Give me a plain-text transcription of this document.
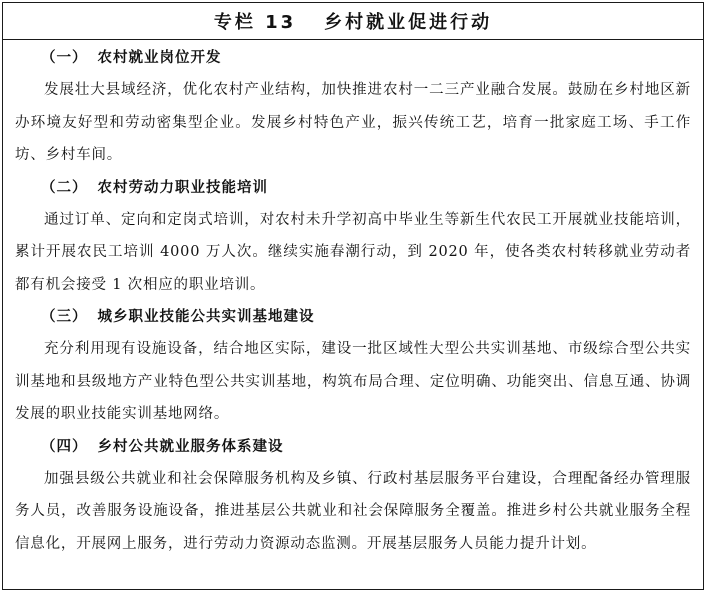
专栏 13 乡村就业促进行动
（一） 农村就业岗位开发

发展壮大县域经济，优化农村产业结构，加快推进农村一二三产业融合发展。鼓励在乡村地区新办环境友好型和劳动密集型企业。发展乡村特色产业，振兴传统工艺，培育一批家庭工场、手工作坊、乡村车间。

（二） 农村劳动力职业技能培训

通过订单、定向和定岗式培训，对农村未升学初高中毕业生等新生代农民工开展就业技能培训，累计开展农民工培训 4000 万人次。继续实施春潮行动，到 2020 年，使各类农村转移就业劳动者都有机会接受 1 次相应的职业培训。

（三） 城乡职业技能公共实训基地建设

充分利用现有设施设备，结合地区实际，建设一批区域性大型公共实训基地、市级综合型公共实训基地和县级地方产业特色型公共实训基地，构筑布局合理、定位明确、功能突出、信息互通、协调发展的职业技能实训基地网络。

（四） 乡村公共就业服务体系建设

加强县级公共就业和社会保障服务机构及乡镇、行政村基层服务平台建设，合理配备经办管理服务人员，改善服务设施设备，推进基层公共就业和社会保障服务全覆盖。推进乡村公共就业服务全程信息化，开展网上服务，进行劳动力资源动态监测。开展基层服务人员能力提升计划。
